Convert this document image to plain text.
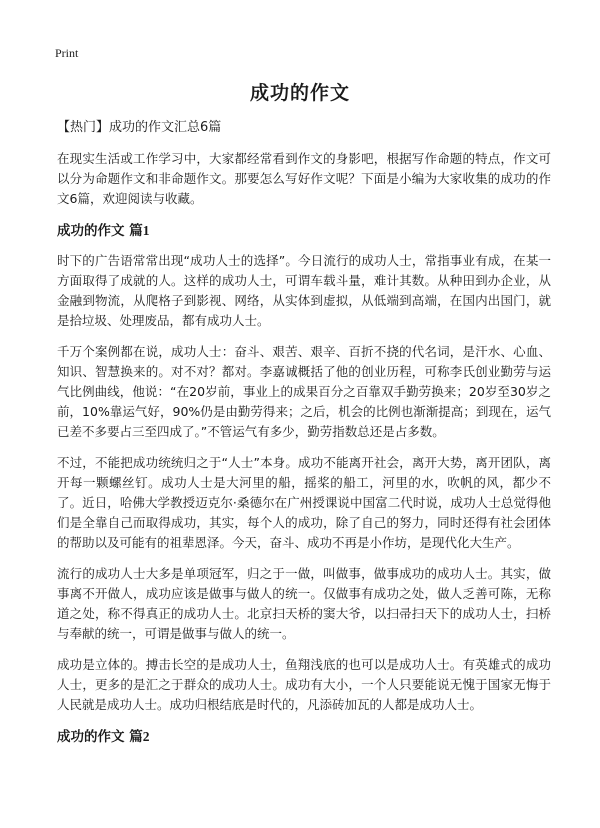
Print
成功的作文

【热门】成功的作文汇总6篇

在现实生活或工作学习中，大家都经常看到作文的身影吧，根据写作命题的特点，作文可以分为命题作文和非命题作文。那要怎么写好作文呢？下面是小编为大家收集的成功的作文6篇，欢迎阅读与收藏。

成功的作文 篇1

时下的广告语常常出现“成功人士的选择”。今日流行的成功人士，常指事业有成，在某一方面取得了成就的人。这样的成功人士，可谓车载斗量，难计其数。从种田到办企业，从金融到物流，从爬格子到影视、网络，从实体到虚拟，从低端到高端，在国内出国门，就是拾垃圾、处理废品，都有成功人士。

千万个案例都在说，成功人士：奋斗、艰苦、艰辛、百折不挠的代名词，是汗水、心血、知识、智慧换来的。对不对？都对。李嘉诚概括了他的创业历程，可称李氏创业勤劳与运气比例曲线，他说：“在20岁前，事业上的成果百分之百靠双手勤劳换来；20岁至30岁之前，10%靠运气好，90%仍是由勤劳得来；之后，机会的比例也渐渐提高；到现在，运气已差不多要占三至四成了。”不管运气有多少，勤劳指数总还是占多数。

不过，不能把成功统统归之于“人士”本身。成功不能离开社会，离开大势，离开团队，离开每一颗螺丝钉。成功人士是大河里的船，摇桨的船工，河里的水，吹帆的风，都少不了。近日，哈佛大学教授迈克尔·桑德尔在广州授课说中国富二代时说，成功人士总觉得他们是全靠自己而取得成功，其实，每个人的成功，除了自己的努力，同时还得有社会团体的帮助以及可能有的祖辈恩泽。今天，奋斗、成功不再是小作坊，是现代化大生产。

流行的成功人士大多是单项冠军，归之于一做，叫做事，做事成功的成功人士。其实，做事离不开做人，成功应该是做事与做人的统一。仅做事有成功之处，做人乏善可陈，无称道之处，称不得真正的成功人士。北京扫天桥的窦大爷，以扫帚扫天下的成功人士，扫桥与奉献的统一，可谓是做事与做人的统一。

成功是立体的。搏击长空的是成功人士，鱼翔浅底的也可以是成功人士。有英雄式的成功人士，更多的是汇之于群众的成功人士。成功有大小，一个人只要能说无愧于国家无悔于人民就是成功人士。成功归根结底是时代的，凡添砖加瓦的人都是成功人士。

成功的作文 篇2
